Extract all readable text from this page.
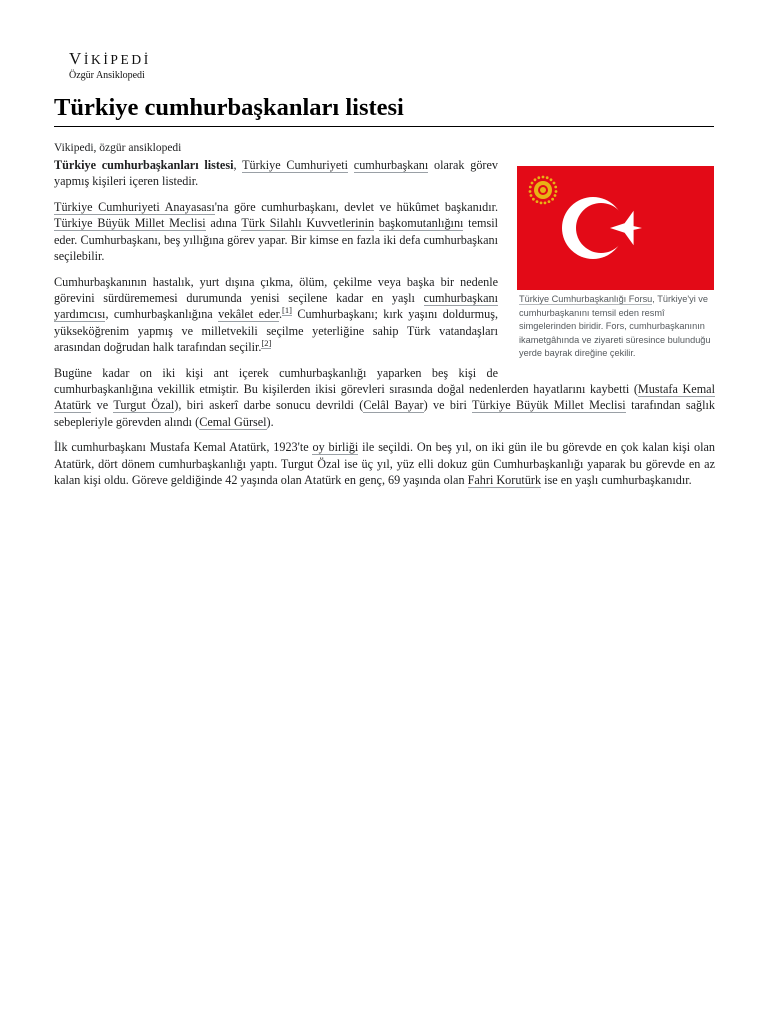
VİKİPEDİ
Özgür Ansiklopedi
Türkiye cumhurbaşkanları listesi
Vikipedi, özgür ansiklopedi
Türkiye Cumhurbaşkanlığı Forsu, Türkiye'yi ve cumhurbaşkanını temsil eden resmî simgelerinden biridir. Fors, cumhurbaşkanının ikametgâhında ve ziyareti süresince bulunduğu yerde bayrak direğine çekilir.

Türkiye cumhurbaşkanları listesi, Türkiye Cumhuriyeti cumhurbaşkanı olarak görev yapmış kişileri içeren listedir.

Türkiye Cumhuriyeti Anayasası'na göre cumhurbaşkanı, devlet ve hükûmet başkanıdır. Türkiye Büyük Millet Meclisi adına Türk Silahlı Kuvvetlerinin başkomutanlığını temsil eder. Cumhurbaşkanı, beş yıllığına görev yapar. Bir kimse en fazla iki defa cumhurbaşkanı seçilebilir.

Cumhurbaşkanının hastalık, yurt dışına çıkma, ölüm, çekilme veya başka bir nedenle görevini sürdürememesi durumunda yenisi seçilene kadar en yaşlı cumhurbaşkanı yardımcısı, cumhurbaşkanlığına vekâlet eder.[1] Cumhurbaşkanı; kırk yaşını doldurmuş, yükseköğrenim yapmış ve milletvekili seçilme yeterliğine sahip Türk vatandaşları arasından doğrudan halk tarafından seçilir.[2]

Bugüne kadar on iki kişi ant içerek cumhurbaşkanlığı yaparken beş kişi de cumhurbaşkanlığına vekillik etmiştir. Bu kişilerden ikisi görevleri sırasında doğal nedenlerden hayatlarını kaybetti (Mustafa Kemal Atatürk ve Turgut Özal), biri askerî darbe sonucu devrildi (Celâl Bayar) ve biri Türkiye Büyük Millet Meclisi tarafından sağlık sebepleriyle görevden alındı (Cemal Gürsel).

İlk cumhurbaşkanı Mustafa Kemal Atatürk, 1923'te oy birliği ile seçildi. On beş yıl, on iki gün ile bu görevde en çok kalan kişi olan Atatürk, dört dönem cumhurbaşkanlığı yaptı. Turgut Özal ise üç yıl, yüz elli dokuz gün Cumhurbaşkanlığı yaparak bu görevde en az kalan kişi oldu. Göreve geldiğinde 42 yaşında olan Atatürk en genç, 69 yaşında olan Fahri Korutürk ise en yaşlı cumhurbaşkanıdır.
